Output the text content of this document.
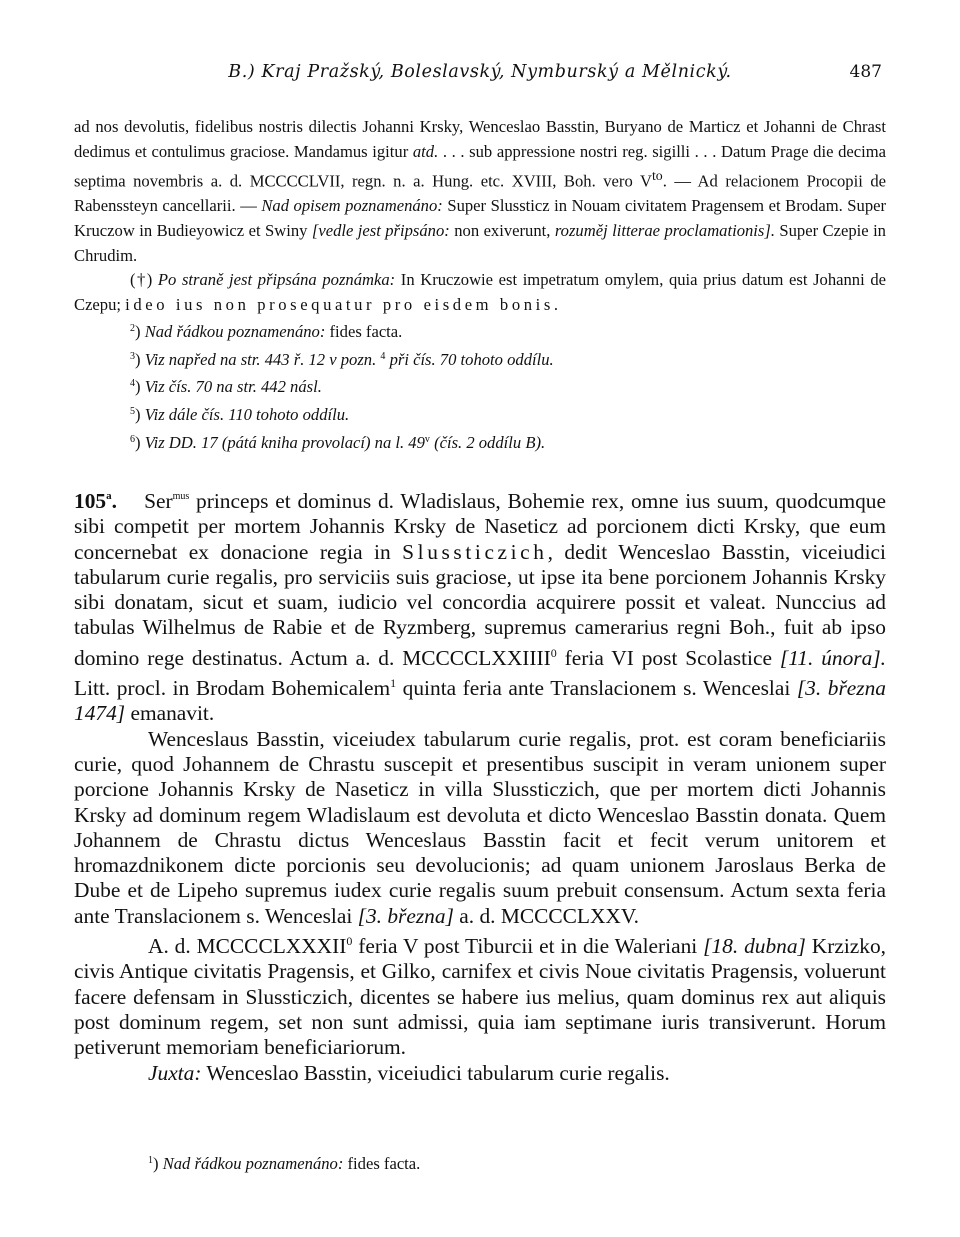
B.) Kraj Pražský, Boleslavský, Nymburský a Mělnický.	487

ad nos devolutis, fidelibus nostris dilectis Johanni Krsky, Wenceslao Basstin, Buryano de Marticz et Johanni de Chrast dedimus et contulimus graciose. Mandamus igitur atd. . . . sub appressione nostri reg. sigilli . . . Datum Prage die decima septima novembris a. d. MCCCCLVII, regn. n. a. Hung. etc. XVIII, Boh. vero $V^{to}$. — Ad relacionem Procopii de Rabenssteyn cancellarii. — Nad opisem poznamenáno: Super Slussticz in Nouam civitatem Pragensem et Brodam. Super Kruczow in Budieyowicz et Swiny [vedle jest připsáno: non exiverunt, rozuměj litterae proclamationis]. Super Czepie in Chrudim.

(†) Po straně jest připsána poznámka: In Kruczowie est impetratum omylem, quia prius datum est Johanni de Czepu; ideo ius non prosequatur pro eisdem bonis.

$^2$) Nad řádkou poznamenáno: fides facta.

$^3$) Viz napřed na str. 443 ř. 12 v pozn. $^4$ při čís. 70 tohoto oddílu.

$^4$) Viz čís. 70 na str. 442 násl.

$^5$) Viz dále čís. 110 tohoto oddílu.

$^6$) Viz DD. 17 (pátá kniha provolací) na l. 49$^v$ (čís. 2 oddílu B).

105$^a$. Ser$^{mus}$ princeps et dominus d. Wladislaus, Bohemie rex, omne ius suum, quodcumque sibi competit per mortem Johannis Krsky de Naseticz ad porcionem dicti Krsky, que eum concernebat ex donacione regia in Slussticzich, dedit Wenceslao Basstin, viceiudici tabularum curie regalis, pro serviciis suis graciose, ut ipse ita bene porcionem Johannis Krsky sibi donatam, sicut et suam, iudicio vel concordia acquirere possit et valeat. Nunccius ad tabulas Wilhelmus de Rabie et de Ryzmberg, supremus camerarius regni Boh., fuit ab ipso domino rege destinatus. Actum a. d. MCCCCLXXIIII$^0$ feria VI post Scolastice [11. února]. Litt. procl. in Brodam Bohemicalem$^1$ quinta feria ante Translacionem s. Wenceslai [3. března 1474] emanavit.

Wenceslaus Basstin, viceiudex tabularum curie regalis, prot. est coram beneficiariis curie, quod Johannem de Chrastu suscepit et presentibus suscipit in veram unionem super porcione Johannis Krsky de Naseticz in villa Slussticzich, que per mortem dicti Johannis Krsky ad dominum regem Wladislaum est devoluta et dicto Wenceslao Basstin donata. Quem Johannem de Chrastu dictus Wenceslaus Basstin facit et fecit verum unitorem et hromazdnikonem dicte porcionis seu devolucionis; ad quam unionem Jaroslaus Berka de Dube et de Lipeho supremus iudex curie regalis suum prebuit consensum. Actum sexta feria ante Translacionem s. Wenceslai [3. března] a. d. MCCCCLXXV.

A. d. MCCCCLXXXII$^0$ feria V post Tiburcii et in die Waleriani [18. dubna] Krzizko, civis Antique civitatis Pragensis, et Gilko, carnifex et civis Noue civitatis Pragensis, voluerunt facere defensam in Slussticzich, dicentes se habere ius melius, quam dominus rex aut aliquis post dominum regem, set non sunt admissi, quia iam septimane iuris transiverunt. Horum petiverunt memoriam beneficiariorum.

Juxta: Wenceslao Basstin, viceiudici tabularum curie regalis.

$^1$) Nad řádkou poznamenáno: fides facta.
